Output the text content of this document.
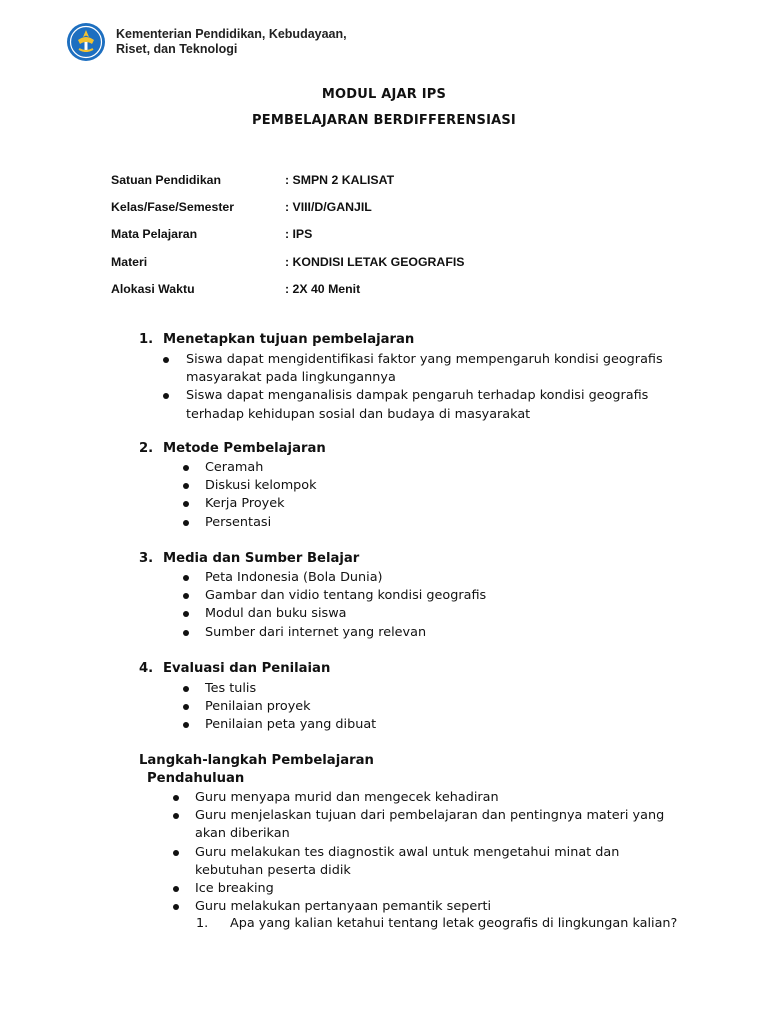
Kementerian Pendidikan, Kebudayaan,
Riset, dan Teknologi
MODUL AJAR IPS
PEMBELAJARAN BERDIFFERENSIASI
Satuan Pendidikan	: SMPN 2 KALISAT
Kelas/Fase/Semester	: VIII/D/GANJIL
Mata Pelajaran	: IPS
Materi	: KONDISI LETAK GEOGRAFIS
Alokasi Waktu	: 2X 40 Menit
1. Menetapkan tujuan pembelajaran
Siswa dapat mengidentifikasi faktor yang mempengaruh kondisi geografis
masyarakat pada lingkungannya
Siswa dapat menganalisis dampak pengaruh terhadap kondisi geografis
terhadap kehidupan sosial dan budaya di masyarakat
2. Metode Pembelajaran
Ceramah
Diskusi kelompok
Kerja Proyek
Persentasi
3. Media dan Sumber Belajar
Peta Indonesia (Bola Dunia)
Gambar dan vidio tentang kondisi geografis
Modul dan buku siswa
Sumber dari internet yang relevan
4. Evaluasi dan Penilaian
Tes tulis
Penilaian proyek
Penilaian peta yang dibuat
Langkah-langkah Pembelajaran
Pendahuluan
Guru menyapa murid dan mengecek kehadiran
Guru menjelaskan tujuan dari pembelajaran dan pentingnya materi yang
akan diberikan
Guru melakukan tes diagnostik awal untuk mengetahui minat dan
kebutuhan peserta didik
Ice breaking
Guru melakukan pertanyaan pemantik seperti
1. Apa yang kalian ketahui tentang letak geografis di lingkungan kalian?
